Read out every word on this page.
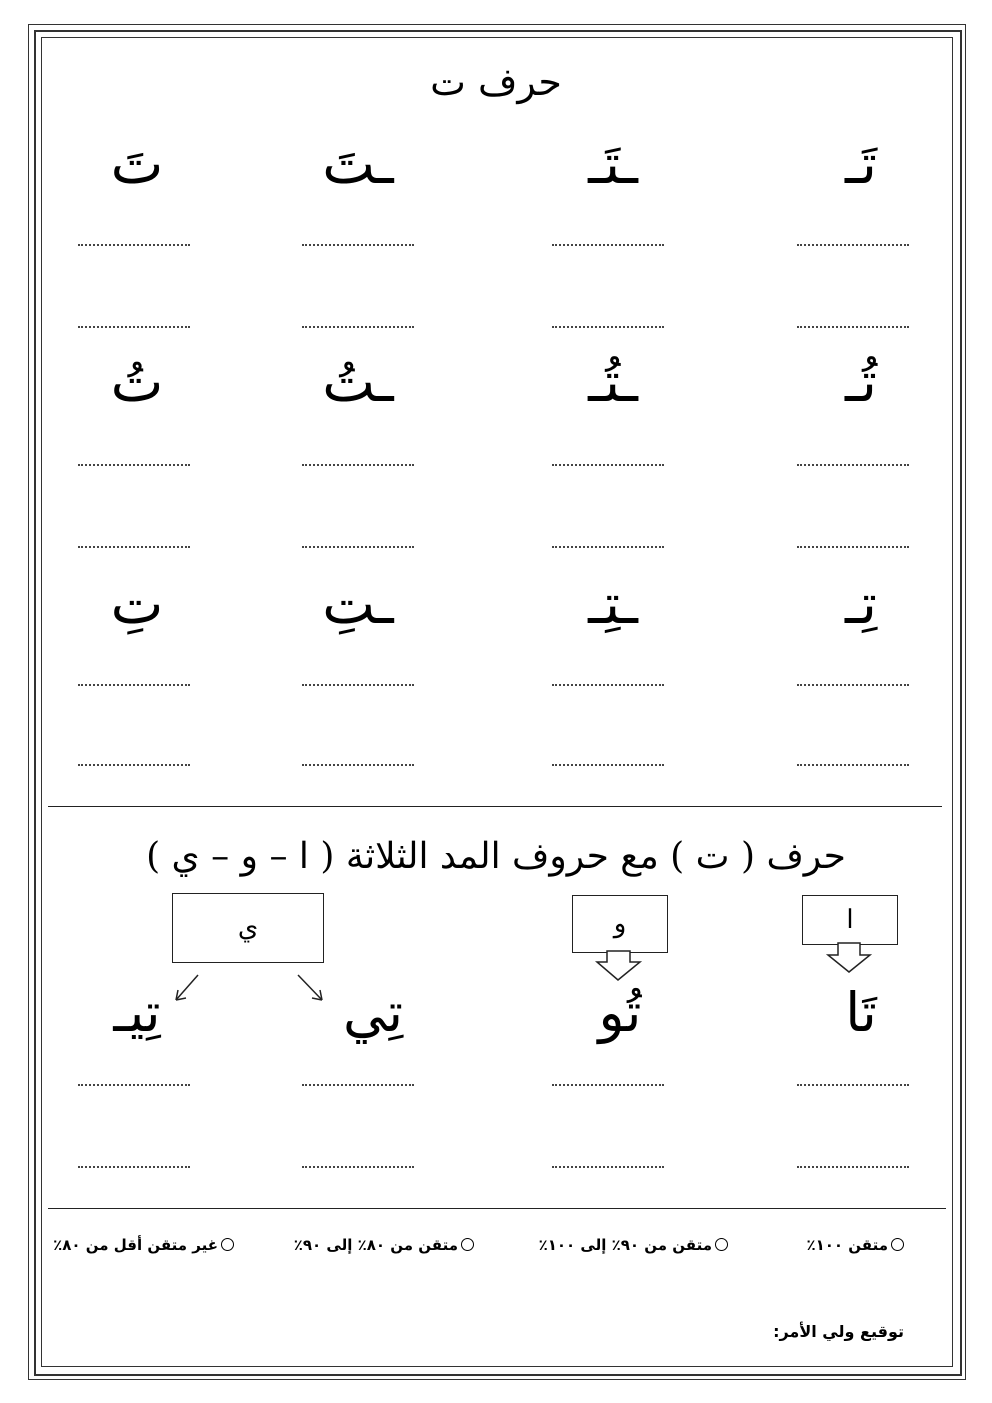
حرف ت
تَـ
ـتَـ
ـتَ
تَ
تُـ
ـتُـ
ـتُ
تُ
تِـ
ـتِـ
ـتِ
تِ
حرف ( ت ) مع حروف المد الثلاثة ( ا – و – ي )
ا
و
ي
تَا
تُو
تِي
تِيـ
متقن ١٠٠٪
متقن من ٩٠٪ إلى ١٠٠٪
متقن من ٨٠٪ إلى ٩٠٪
غير متقن أقل من ٨٠٪
توقيع ولي الأمر:
